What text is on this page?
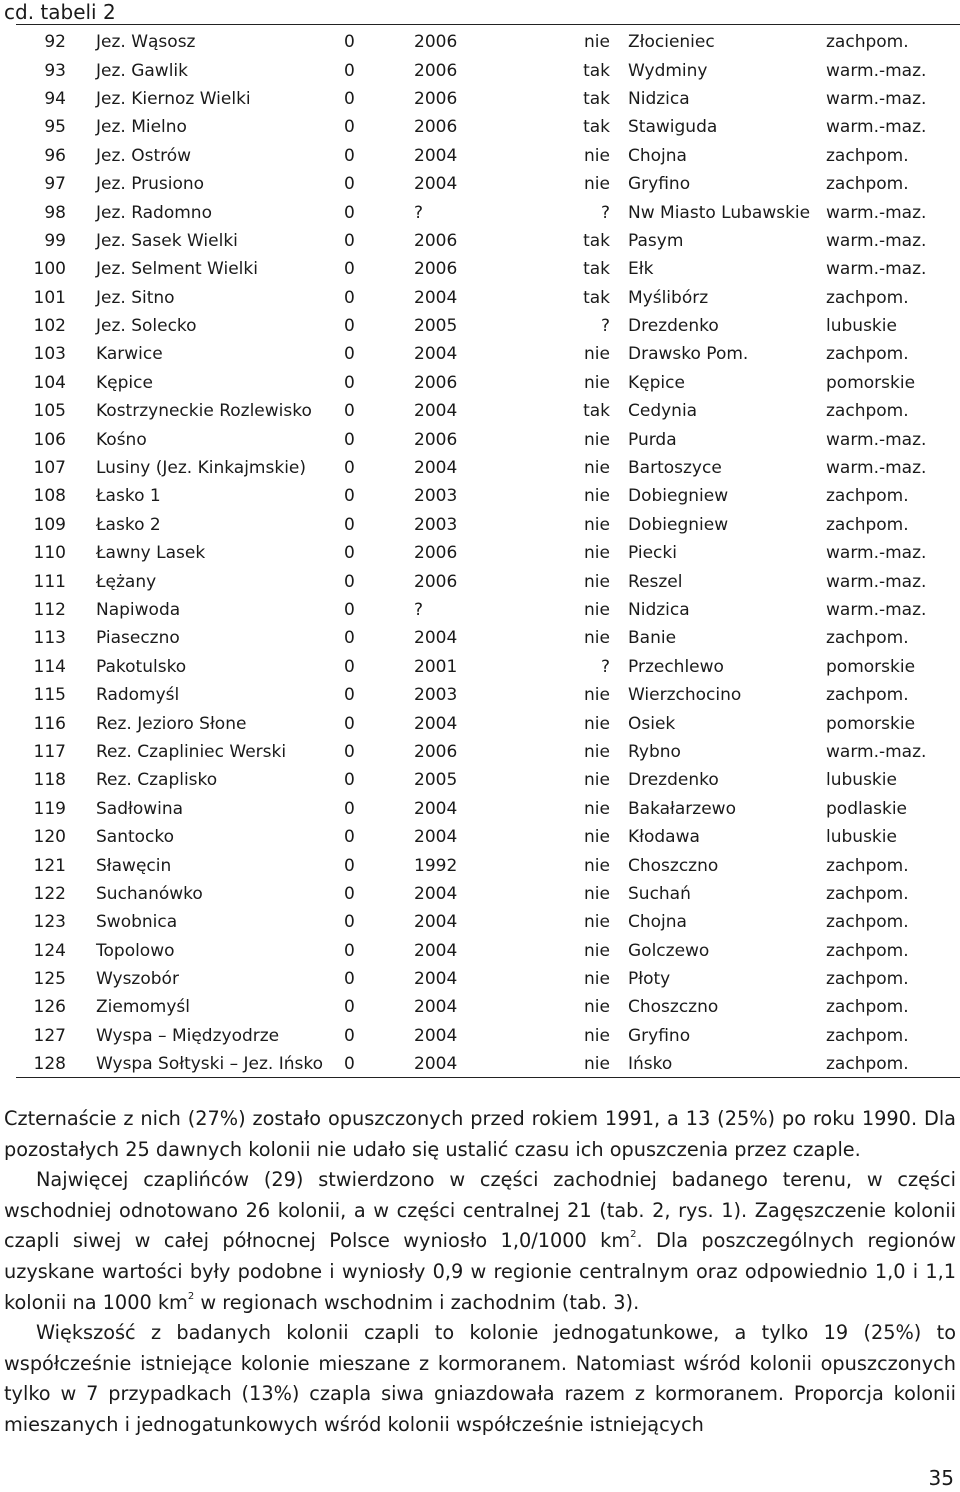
cd. tabeli 2
92	Jez. Wąsosz	0	2006	nie	Złocieniec	zachpom.
93	Jez. Gawlik	0	2006	tak	Wydminy	warm.-maz.
94	Jez. Kiernoz Wielki	0	2006	tak	Nidzica	warm.-maz.
95	Jez. Mielno	0	2006	tak	Stawiguda	warm.-maz.
96	Jez. Ostrów	0	2004	nie	Chojna	zachpom.
97	Jez. Prusiono	0	2004	nie	Gryfino	zachpom.
98	Jez. Radomno	0	?	?	Nw Miasto Lubawskie	warm.-maz.
99	Jez. Sasek Wielki	0	2006	tak	Pasym	warm.-maz.
100	Jez. Selment Wielki	0	2006	tak	Ełk	warm.-maz.
101	Jez. Sitno	0	2004	tak	Myślibórz	zachpom.
102	Jez. Solecko	0	2005	?	Drezdenko	lubuskie
103	Karwice	0	2004	nie	Drawsko Pom.	zachpom.
104	Kępice	0	2006	nie	Kępice	pomorskie
105	Kostrzyneckie Rozlewisko	0	2004	tak	Cedynia	zachpom.
106	Kośno	0	2006	nie	Purda	warm.-maz.
107	Lusiny (Jez. Kinkajmskie)	0	2004	nie	Bartoszyce	warm.-maz.
108	Łasko 1	0	2003	nie	Dobiegniew	zachpom.
109	Łasko 2	0	2003	nie	Dobiegniew	zachpom.
110	Ławny Lasek	0	2006	nie	Piecki	warm.-maz.
111	Łężany	0	2006	nie	Reszel	warm.-maz.
112	Napiwoda	0	?	nie	Nidzica	warm.-maz.
113	Piaseczno	0	2004	nie	Banie	zachpom.
114	Pakotulsko	0	2001	?	Przechlewo	pomorskie
115	Radomyśl	0	2003	nie	Wierzchocino	zachpom.
116	Rez. Jezioro Słone	0	2004	nie	Osiek	pomorskie
117	Rez. Czapliniec Werski	0	2006	nie	Rybno	warm.-maz.
118	Rez. Czaplisko	0	2005	nie	Drezdenko	lubuskie
119	Sadłowina	0	2004	nie	Bakałarzewo	podlaskie
120	Santocko	0	2004	nie	Kłodawa	lubuskie
121	Sławęcin	0	1992	nie	Choszczno	zachpom.
122	Suchanówko	0	2004	nie	Suchań	zachpom.
123	Swobnica	0	2004	nie	Chojna	zachpom.
124	Topolowo	0	2004	nie	Golczewo	zachpom.
125	Wyszobór	0	2004	nie	Płoty	zachpom.
126	Ziemomyśl	0	2004	nie	Choszczno	zachpom.
127	Wyspa – Międzyodrze	0	2004	nie	Gryfino	zachpom.
128	Wyspa Sołtyski – Jez. Ińsko	0	2004	nie	Ińsko	zachpom.

Czternaście z nich (27%) zostało opuszczonych przed rokiem 1991, a 13 (25%) po roku 1990. Dla pozostałych 25 dawnych kolonii nie udało się ustalić czasu ich opuszczenia przez czaple.

Najwięcej czaplińców (29) stwierdzono w części zachodniej badanego terenu, w części wschodniej odnotowano 26 kolonii, a w części centralnej 21 (tab. 2, rys. 1). Zagęszczenie kolonii czapli siwej w całej północnej Polsce wyniosło 1,0/1000 $km^2$. Dla poszczególnych regionów uzyskane wartości były podobne i wyniosły 0,9 w regionie centralnym oraz odpowiednio 1,0 i 1,1 kolonii na 1000 $km^2$ w regionach wschodnim i zachodnim (tab. 3).

Większość z badanych kolonii czapli to kolonie jednogatunkowe, a tylko 19 (25%) to współcześnie istniejące kolonie mieszane z kormoranem. Natomiast wśród kolonii opuszczonych tylko w 7 przypadkach (13%) czapla siwa gniazdowała razem z kormoranem. Proporcja kolonii mieszanych i jednogatunkowych wśród kolonii współcześnie istniejących

35
